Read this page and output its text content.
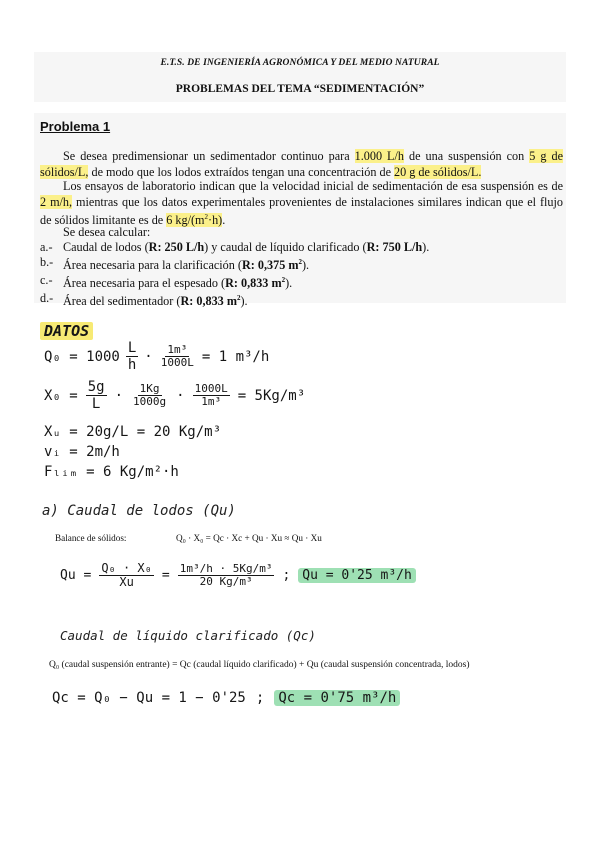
E.T.S. DE INGENIERÍA AGRONÓMICA Y DEL MEDIO NATURAL
PROBLEMAS DEL TEMA “SEDIMENTACIÓN”
Problema 1
Se desea predimensionar un sedimentador continuo para 1.000 L/h de una suspensión con 5 g de sólidos/L, de modo que los lodos extraídos tengan una concentración de 20 g de sólidos/L.
Los ensayos de laboratorio indican que la velocidad inicial de sedimentación de esa suspensión es de 2 m/h, mientras que los datos experimentales provenientes de instalaciones similares indican que el flujo de sólidos limitante es de 6 $kg/(m^2\cdot h)$.
Se desea calcular:
a.- Caudal de lodos (R: 250 L/h) y caudal de líquido clarificado (R: 750 L/h).
b.- Área necesaria para la clarificación (R: 0,375 $m^2$).
c.- Área necesaria para el espesado (R: 0,833 $m^2$).
d.- Área del sedimentador (R: 0,833 $m^2$).
DATOS
$Q_0 = 1000 \frac{L}{h} \cdot \frac{\text{1m³}}{1000L} = 1$ m³/h
$X_0 = \frac{5g}{L} \cdot \frac{1Kg}{1000g} \cdot \frac{1000L}{\text{1m³}} = 5Kg/m^3$
Xᵤ = 20g/L = 20 Kg/m³
vᵢ = 2m/h
Fₗᵢₘ = 6 Kg/m²·h
a) Caudal de lodos (Qu)
Balance de sólidos:	Q₀ · X₀ = Qc · Xc + Qu · Xu ≈ Qu · Xu
$Qu = \frac{\text{Q₀ · X₀}}{Xu} = \frac{\text{1m³/h · 5Kg/m³}}{\text{20 Kg/m³}}$ ; Qu = 0'25 m³/h
Caudal de líquido clarificado (Qc)
Q₀ (caudal suspensión entrante) = Qc (caudal líquido clarificado) + Qu (caudal suspensión concentrada, lodos)
Qc = Q₀ − Qu = 1 − 0'25 ; Qc = 0'75 m³/h
